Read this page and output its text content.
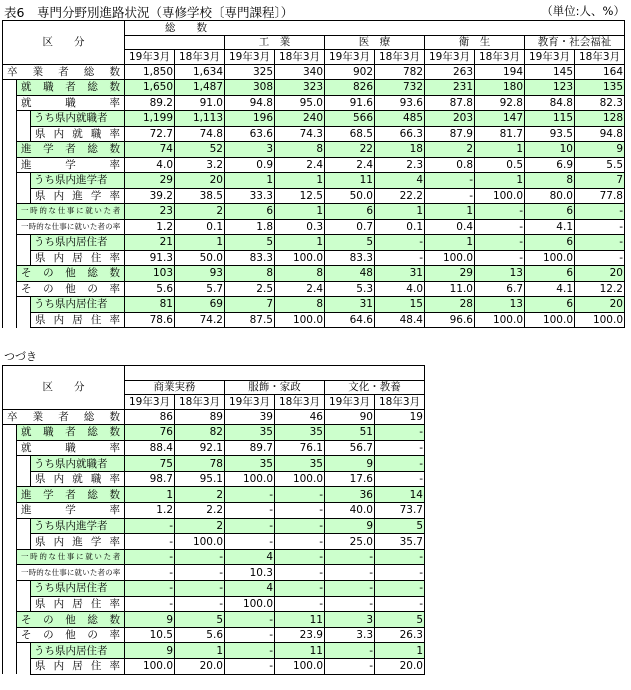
表6　専門分野別進路状況（専修学校〔専門課程〕）	（単位:人、%）
区　　分			総　　数									
					工　業		医　療		衛　生		教育・社会福祉	
			19年3月	18年3月	19年3月	18年3月	19年3月	18年3月	19年3月	18年3月	19年3月	18年3月
卒 業 者 総 数			1,850	1,634	325	340	902	782	263	194	145	164
	就 職 者 総 数		1,650	1,487	308	323	826	732	231	180	123	135
	就　　職　　率		89.2	91.0	94.8	95.0	91.6	93.6	87.8	92.8	84.8	82.3
		うち県内就職者	1,199	1,113	196	240	566	485	203	147	115	128
		県 内 就 職 率	72.7	74.8	63.6	74.3	68.5	66.3	87.9	81.7	93.5	94.8
	進 学 者 総 数		74	52	3	8	22	18	2	1	10	9
	進　　学　　率		4.0	3.2	0.9	2.4	2.4	2.3	0.8	0.5	6.9	5.5
		うち県内進学者	29	20	1	1	11	4	-	1	8	7
		県 内 進 学 率	39.2	38.5	33.3	12.5	50.0	22.2	-	100.0	80.0	77.8
	一時的な仕事に就いた者		23	2	6	1	6	1	1	-	6	-
	一時的な仕事に就いた者の率		1.2	0.1	1.8	0.3	0.7	0.1	0.4	-	4.1	-
		うち県内居住者	21	1	5	1	5	-	1	-	6	-
		県 内 居 住 率	91.3	50.0	83.3	100.0	83.3	-	100.0	-	100.0	-
	そ の 他 総 数		103	93	8	8	48	31	29	13	6	20
	そ の 他 の 率		5.6	5.7	2.5	2.4	5.3	4.0	11.0	6.7	4.1	12.2
		うち県内居住者	81	69	7	8	31	15	28	13	6	20
		県 内 居 住 率	78.6	74.2	87.5	100.0	64.6	48.4	96.6	100.0	100.0	100.0
つづき
区　　分								
			商業実務		服飾・家政		文化・教養	
			19年3月	18年3月	19年3月	18年3月	19年3月	18年3月
卒 業 者 総 数			86	89	39	46	90	19
	就 職 者 総 数		76	82	35	35	51	-
	就　　職　　率		88.4	92.1	89.7	76.1	56.7	-
		うち県内就職者	75	78	35	35	9	-
		県 内 就 職 率	98.7	95.1	100.0	100.0	17.6	-
	進 学 者 総 数		1	2	-	-	36	14
	進　　学　　率		1.2	2.2	-	-	40.0	73.7
		うち県内進学者	-	2	-	-	9	5
		県 内 進 学 率	-	100.0	-	-	25.0	35.7
	一時的な仕事に就いた者		-	-	4	-	-	-
	一時的な仕事に就いた者の率		-	-	10.3	-	-	-
		うち県内居住者	-	-	4	-	-	-
		県 内 居 住 率	-	-	100.0	-	-	-
	そ の 他 総 数		9	5	-	11	3	5
	そ の 他 の 率		10.5	5.6	-	23.9	3.3	26.3
		うち県内居住者	9	1	-	11	-	1
		県 内 居 住 率	100.0	20.0	-	100.0	-	20.0
